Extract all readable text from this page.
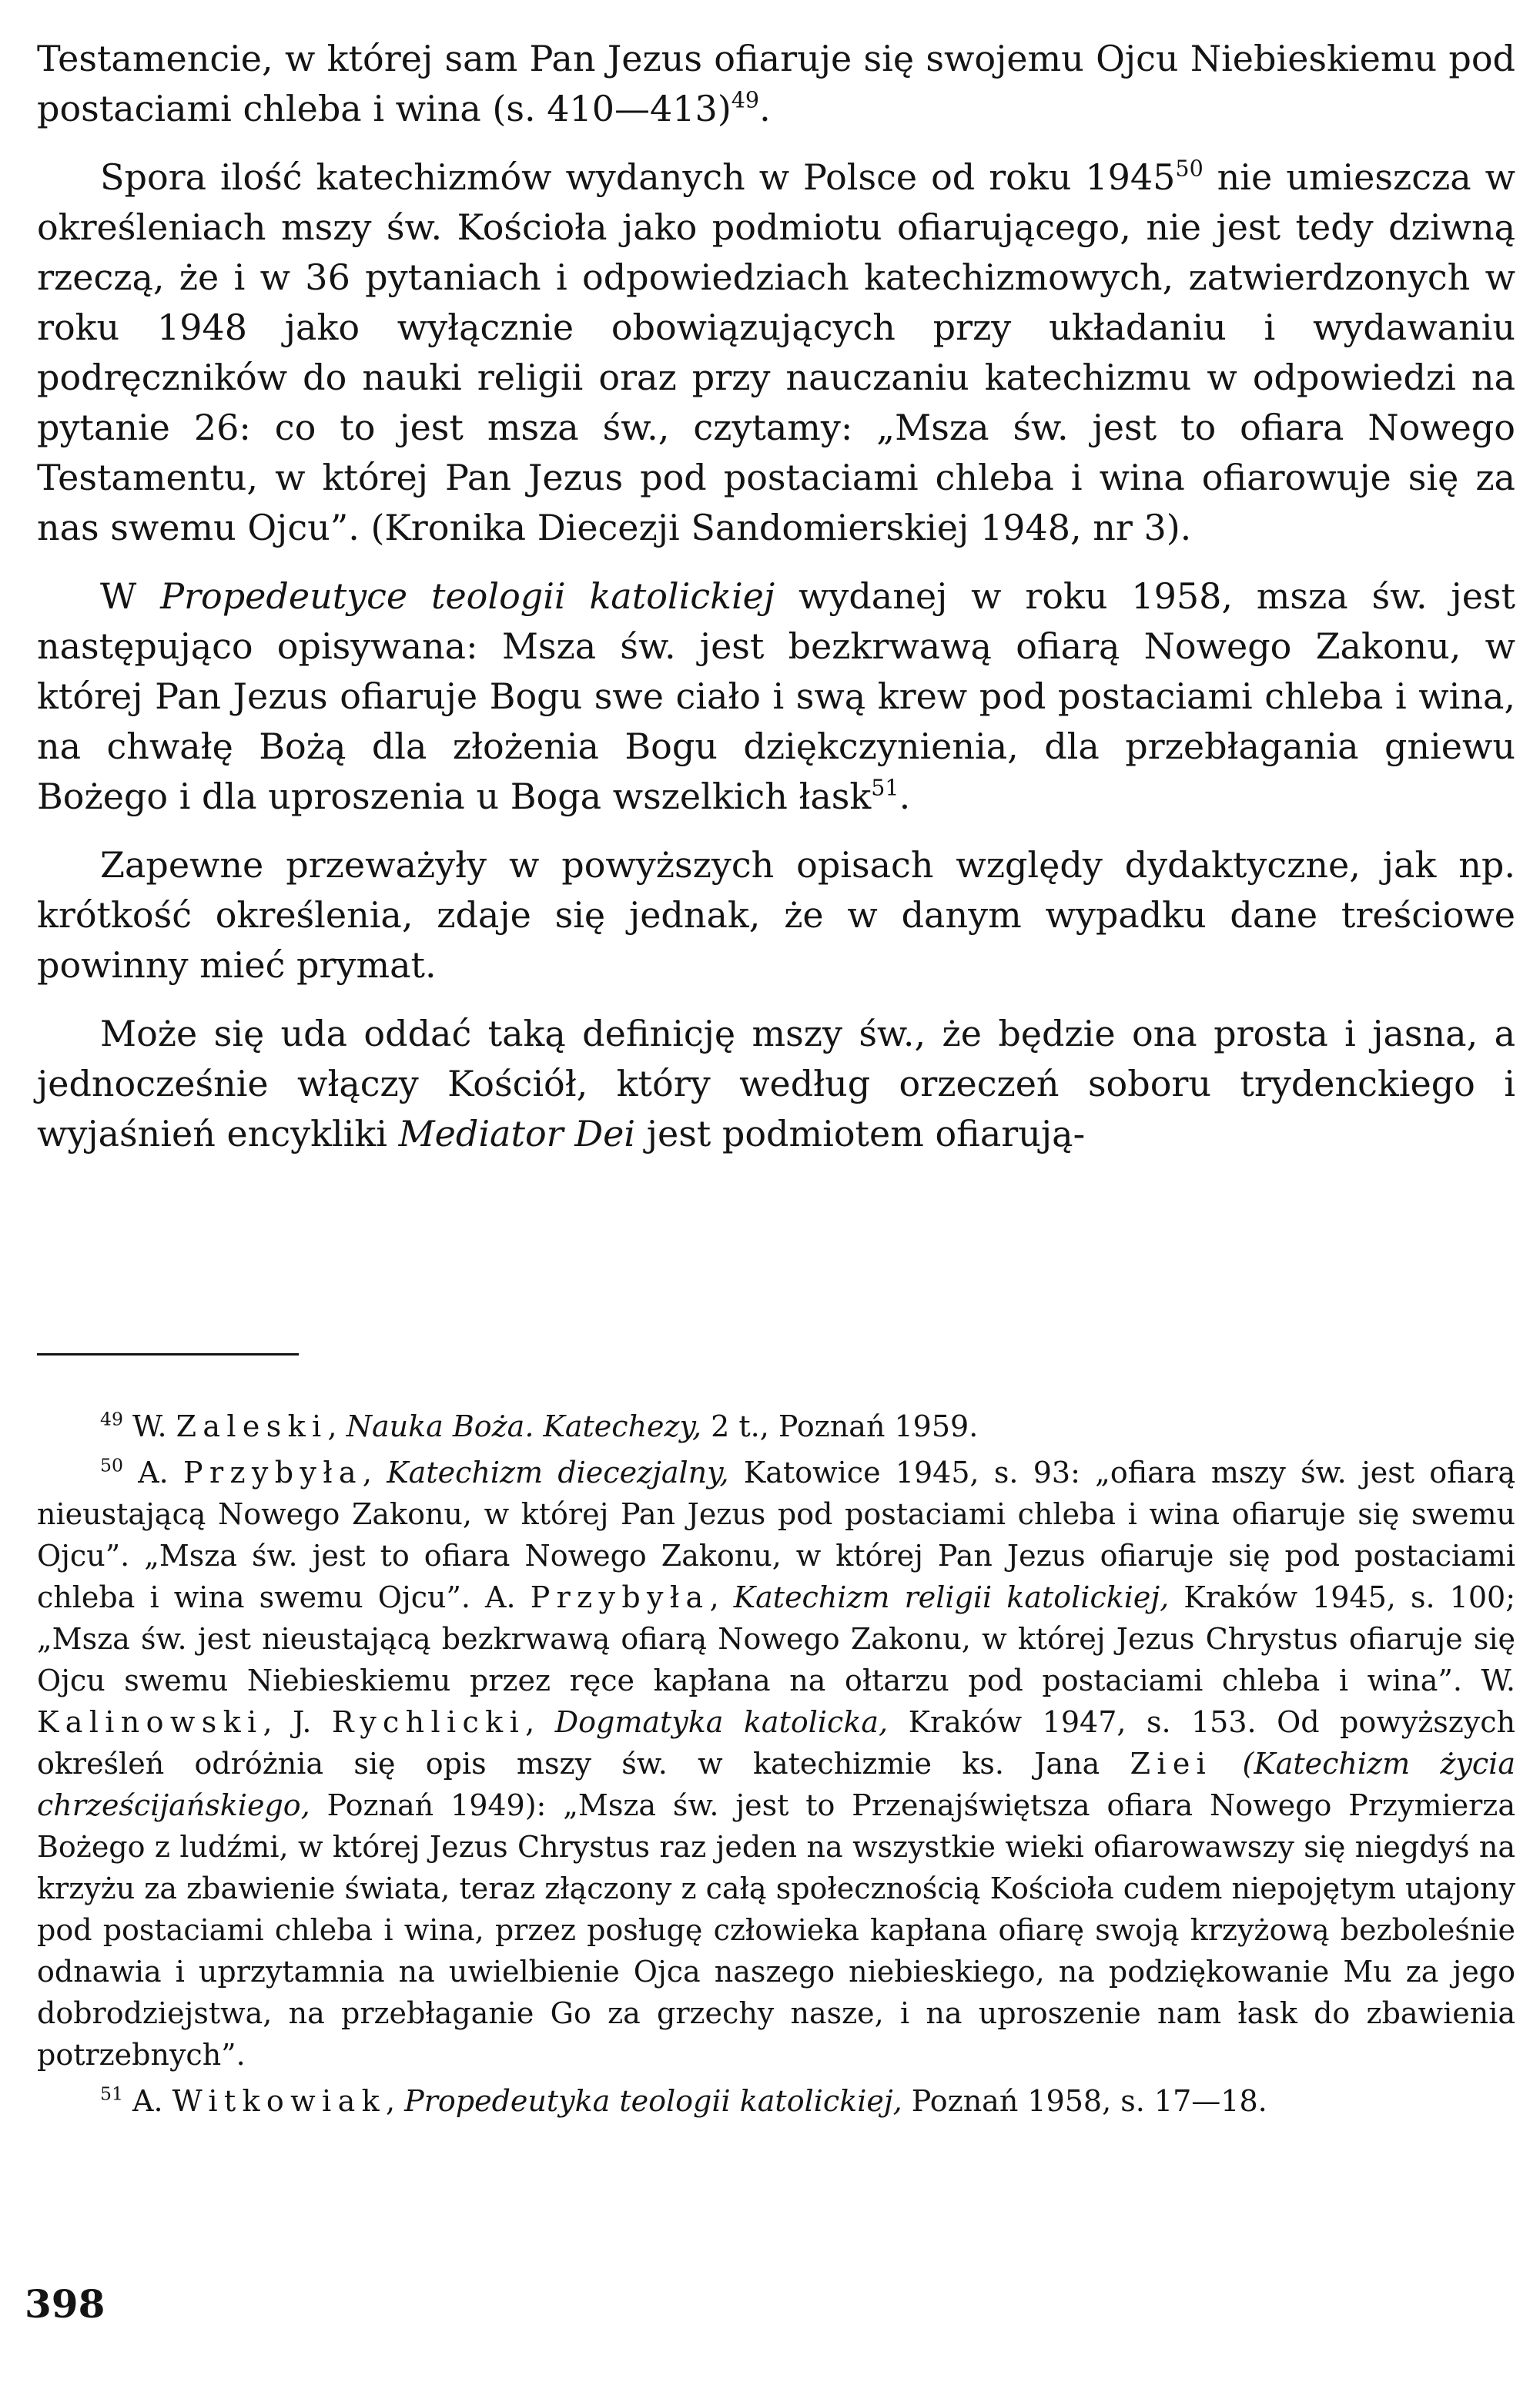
Testamencie, w której sam Pan Jezus ofiaruje się swojemu Ojcu Niebieskiemu pod postaciami chleba i wina (s. 410—413)$^{49}$.

Spora ilość katechizmów wydanych w Polsce od roku 1945$^{50}$ nie umieszcza w określeniach mszy św. Kościoła jako podmiotu ofiarującego, nie jest tedy dziwną rzeczą, że i w 36 pytaniach i odpowiedziach katechizmowych, zatwierdzonych w roku 1948 jako wyłącznie obowiązujących przy układaniu i wydawaniu podręczników do nauki religii oraz przy nauczaniu katechizmu w odpowiedzi na pytanie 26: co to jest msza św., czytamy: „Msza św. jest to ofiara Nowego Testamentu, w której Pan Jezus pod postaciami chleba i wina ofiarowuje się za nas swemu Ojcu”. (Kronika Diecezji Sandomierskiej 1948, nr 3).

W Propedeutyce teologii katolickiej wydanej w roku 1958, msza św. jest następująco opisywana: Msza św. jest bezkrwawą ofiarą Nowego Zakonu, w której Pan Jezus ofiaruje Bogu swe ciało i swą krew pod postaciami chleba i wina, na chwałę Bożą dla złożenia Bogu dziękczynienia, dla przebłagania gniewu Bożego i dla uproszenia u Boga wszelkich łask$^{51}$.

Zapewne przeważyły w powyższych opisach względy dydaktyczne, jak np. krótkość określenia, zdaje się jednak, że w danym wypadku dane treściowe powinny mieć prymat.

Może się uda oddać taką definicję mszy św., że będzie ona prosta i jasna, a jednocześnie włączy Kościół, który według orzeczeń soboru trydenckiego i wyjaśnień encykliki Mediator Dei jest podmiotem ofiarują-

$^{49}$ W. Zaleski, Nauka Boża. Katechezy, 2 t., Poznań 1959.

$^{50}$ A. Przybyła, Katechizm diecezjalny, Katowice 1945, s. 93: „ofiara mszy św. jest ofiarą nieustającą Nowego Zakonu, w której Pan Jezus pod postaciami chleba i wina ofiaruje się swemu Ojcu”. „Msza św. jest to ofiara Nowego Zakonu, w której Pan Jezus ofiaruje się pod postaciami chleba i wina swemu Ojcu”. A. Przybyła, Katechizm religii katolickiej, Kraków 1945, s. 100; „Msza św. jest nieustającą bezkrwawą ofiarą Nowego Zakonu, w której Jezus Chrystus ofiaruje się Ojcu swemu Niebieskiemu przez ręce kapłana na ołtarzu pod postaciami chleba i wina”. W. Kalinowski, J. Rychlicki, Dogmatyka katolicka, Kraków 1947, s. 153. Od powyższych określeń odróżnia się opis mszy św. w katechizmie ks. Jana Ziei (Katechizm życia chrześcijańskiego, Poznań 1949): „Msza św. jest to Przenajświętsza ofiara Nowego Przymierza Bożego z ludźmi, w której Jezus Chrystus raz jeden na wszystkie wieki ofiarowawszy się niegdyś na krzyżu za zbawienie świata, teraz złączony z całą społecznością Kościoła cudem niepojętym utajony pod postaciami chleba i wina, przez posługę człowieka kapłana ofiarę swoją krzyżową bezboleśnie odnawia i uprzytamnia na uwielbienie Ojca naszego niebieskiego, na podziękowanie Mu za jego dobrodziejstwa, na przebłaganie Go za grzechy nasze, i na uproszenie nam łask do zbawienia potrzebnych”.

$^{51}$ A. Witkowiak, Propedeutyka teologii katolickiej, Poznań 1958, s. 17—18.

398
